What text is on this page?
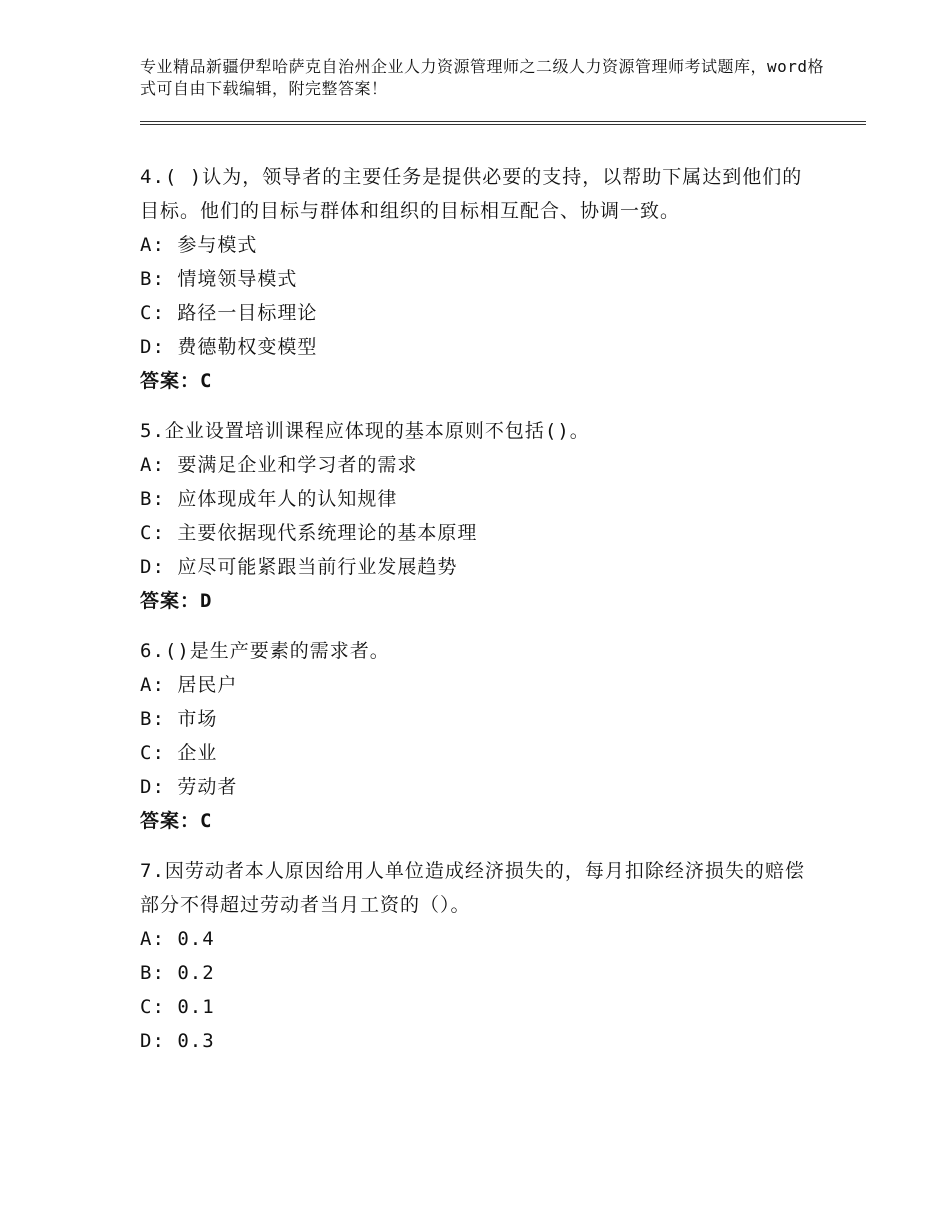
专业精品新疆伊犁哈萨克自治州企业人力资源管理师之二级人力资源管理师考试题库，word格式可自由下载编辑，附完整答案！
4.( )认为，领导者的主要任务是提供必要的支持，以帮助下属达到他们的目标。他们的目标与群体和组织的目标相互配合、协调一致。
A: 参与模式
B: 情境领导模式
C: 路径一目标理论
D: 费德勒权变模型
答案：C
5.企业设置培训课程应体现的基本原则不包括()。
A: 要满足企业和学习者的需求
B: 应体现成年人的认知规律
C: 主要依据现代系统理论的基本原理
D: 应尽可能紧跟当前行业发展趋势
答案：D
6.()是生产要素的需求者。
A: 居民户
B: 市场
C: 企业
D: 劳动者
答案：C
7.因劳动者本人原因给用人单位造成经济损失的，每月扣除经济损失的赔偿部分不得超过劳动者当月工资的（）。
A: 0.4
B: 0.2
C: 0.1
D: 0.3
